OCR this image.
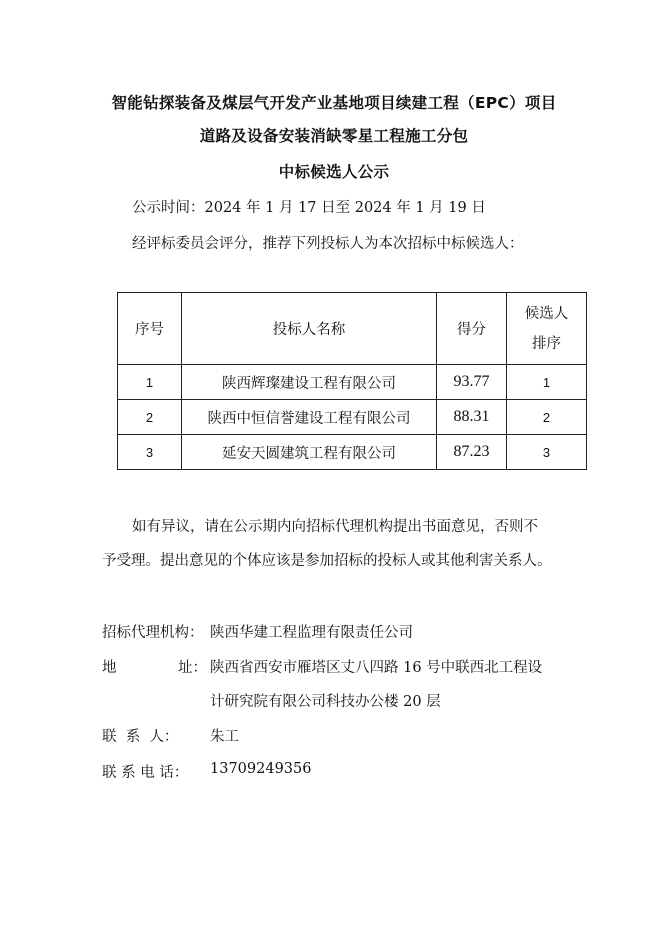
智能钻探装备及煤层气开发产业基地项目续建工程（EPC）项目
道路及设备安装消缺零星工程施工分包
中标候选人公示
公示时间：2024 年 1 月 17 日至 2024 年 1 月 19 日
经评标委员会评分，推荐下列投标人为本次招标中标候选人：
序号	投标人名称	得分	候选人
排序

1	陕西辉璨建设工程有限公司	93.77	1
2	陕西中恒信誉建设工程有限公司	88.31	2
3	延安天圆建筑工程有限公司	87.23	3
如有异议，请在公示期内向招标代理机构提出书面意见，否则不
予受理。提出意见的个体应该是参加招标的投标人或其他利害关系人。
招标代理机构： 陕西华建工程监理有限责任公司
地	址： 陕西省西安市雁塔区丈八四路 16 号中联西北工程设
计研究院有限公司科技办公楼 20 层
联  系  人： 朱工
联 系 电 话： 13709249356
